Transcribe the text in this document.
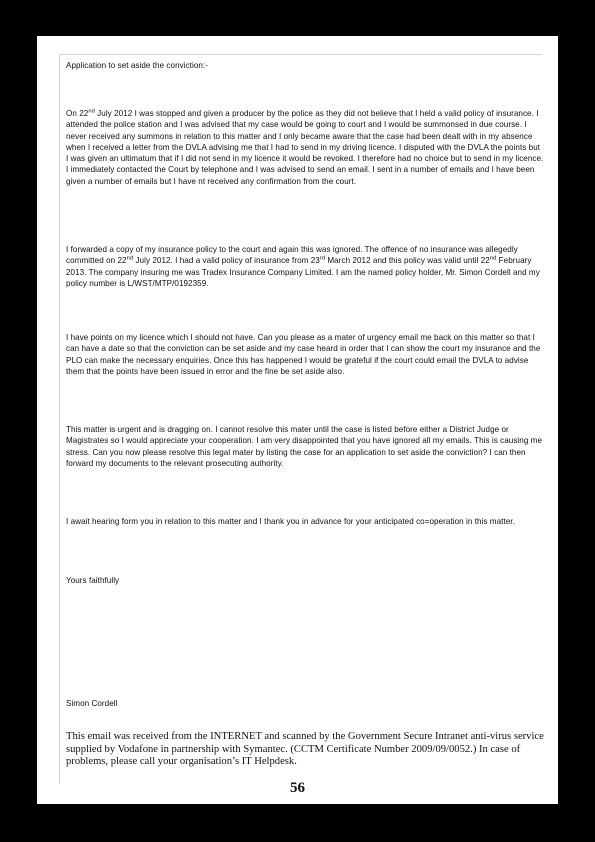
Application to set aside the conviction:-

On 22nd July 2012 I was stopped and given a producer by the police as they did not believe that I held a valid policy of insurance. I attended the police station and I was advised that my case would be going to court and I would be summonsed in due course. I never received any summons in relation to this matter and I only became aware that the case had been dealt with in my absence when I received a letter from the DVLA advising me that I had to send in my driving licence. I disputed with the DVLA the points but I was given an ultimatum that if I did not send in my licence it would be revoked. I therefore had no choice but to send in my licence. I immediately contacted the Court by telephone and I was advised to send an email. I sent in a number of emails and I have been given a number of emails but I have nt received any confirmation from the court.

I forwarded a copy of my insurance policy to the court and again this was ignored. The offence of no insurance was allegedly committed on 22nd July 2012. I had a valid policy of insurance from 23rd March 2012 and this policy was valid until 22nd February 2013. The company insuring me was Tradex Insurance Company Limited. I am the named policy holder, Mr. Simon Cordell and my policy number is L/WST/MTP/0192359.

I have points on my licence which I should not have. Can you please as a mater of urgency email me back on this matter so that I can have a date so that the conviction can be set aside and my case heard in order that I can show the court my insurance and the PLO can make the necessary enquiries. Once this has happened I would be grateful if the court could email the DVLA to advise them that the points have been issued in error and the fine be set aside also.

This matter is urgent and is dragging on. I cannot resolve this mater until the case is listed before either a District Judge or Magistrates so I would appreciate your cooperation. I am very disappointed that you have ignored all my emails. This is causing me stress. Can you now please resolve this legal mater by listing the case for an application to set aside the conviction? I can then forward my documents to the relevant prosecuting authority.

I await hearing form you in relation to this matter and I thank you in advance for your anticipated co=operation in this matter.

Yours faithfully

Simon Cordell

This email was received from the INTERNET and scanned by the Government Secure Intranet anti-virus service supplied by Vodafone in partnership with Symantec. (CCTM Certificate Number 2009/09/0052.) In case of problems, please call your organisation’s IT Helpdesk.

56
